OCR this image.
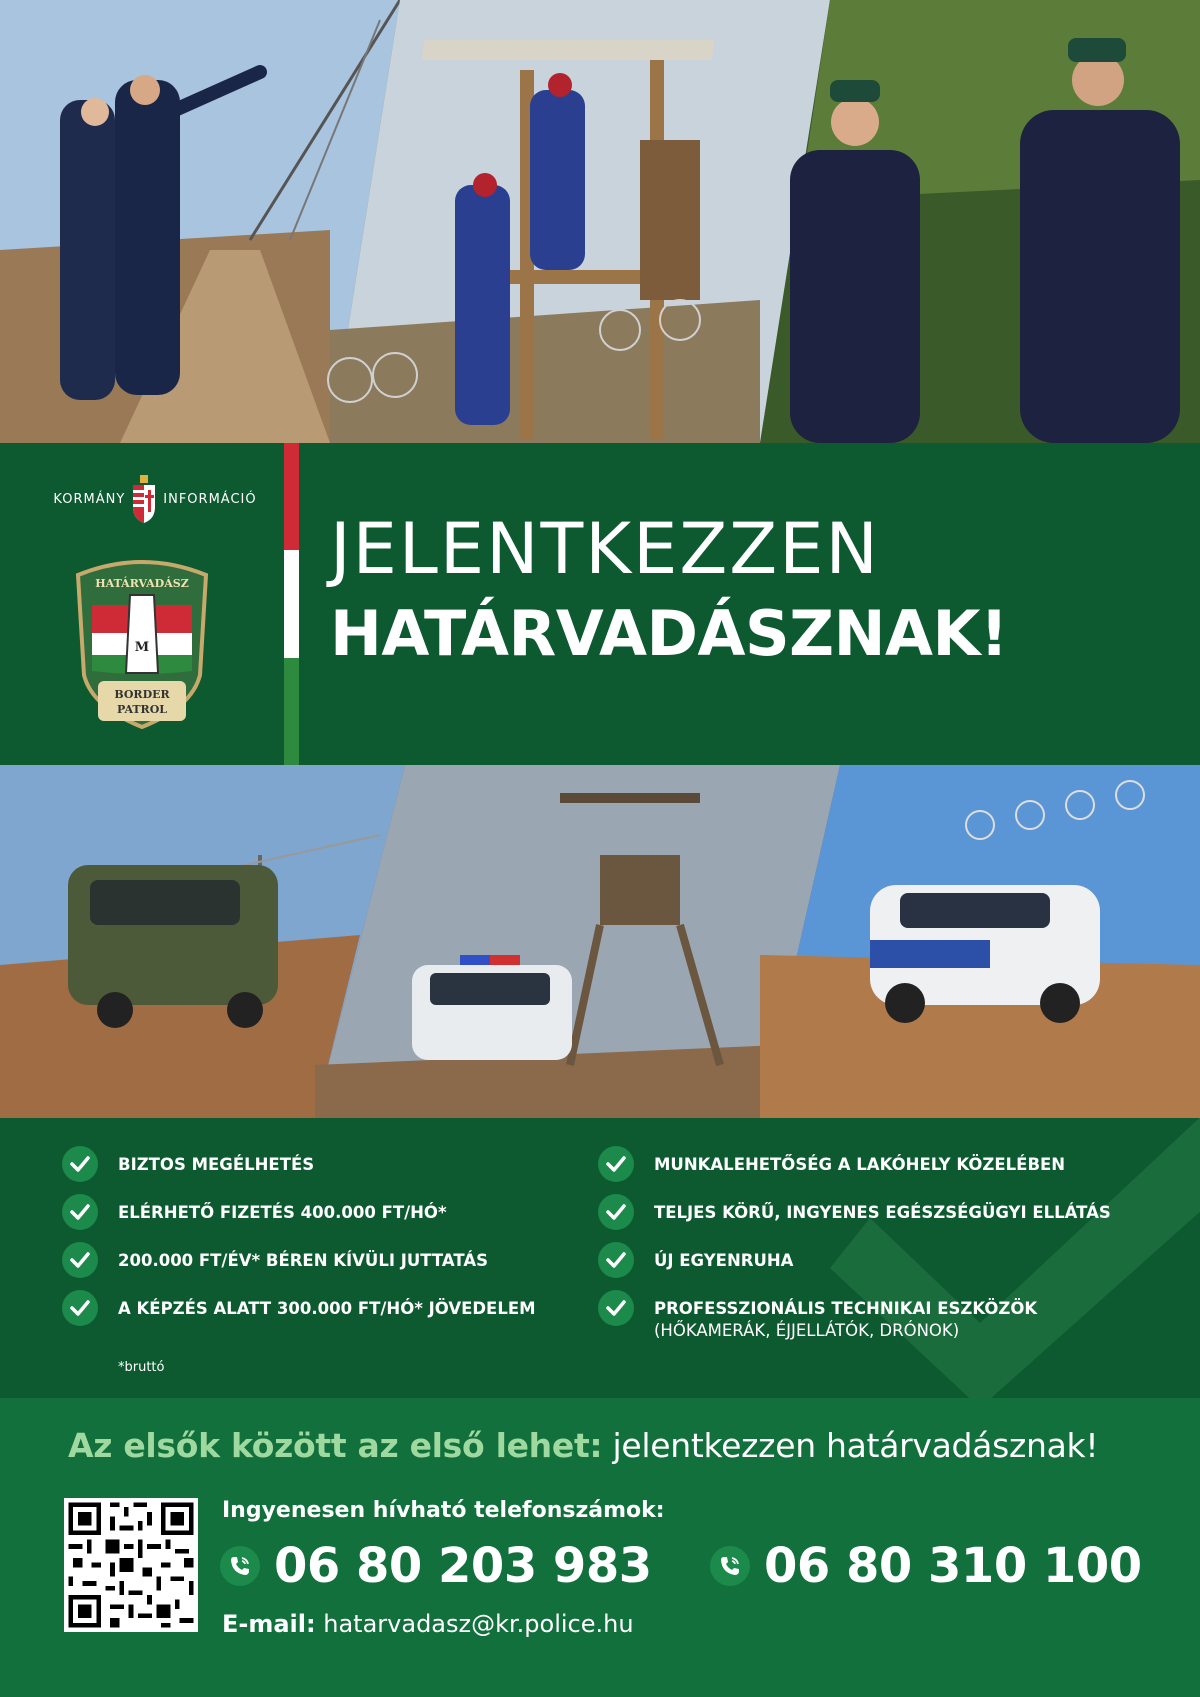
KORMÁNY	INFORMÁCIÓ
M
HATÁRVADÁSZ
BORDER
PATROL
JELENTKEZZEN
HATÁRVADÁSZNAK!
BIZTOS MEGÉLHETÉS
ELÉRHETŐ FIZETÉS 400.000 FT/HÓ*
200.000 FT/ÉV* BÉREN KÍVÜLI JUTTATÁS
A KÉPZÉS ALATT 300.000 FT/HÓ* JÖVEDELEM
MUNKALEHETŐSÉG A LAKÓHELY KÖZELÉBEN
TELJES KÖRŰ, INGYENES EGÉSZSÉGÜGYI ELLÁTÁS
ÚJ EGYENRUHA
PROFESSZIONÁLIS TECHNIKAI ESZKÖZÖK
(HŐKAMERÁK, ÉJJELLÁTÓK, DRÓNOK)
*bruttó
Az elsők között az első lehet: jelentkezzen határvadásznak!
Ingyenesen hívható telefonszámok:
06 80 203 983 06 80 310 100
E-mail: hatarvadasz@kr.police.hu
